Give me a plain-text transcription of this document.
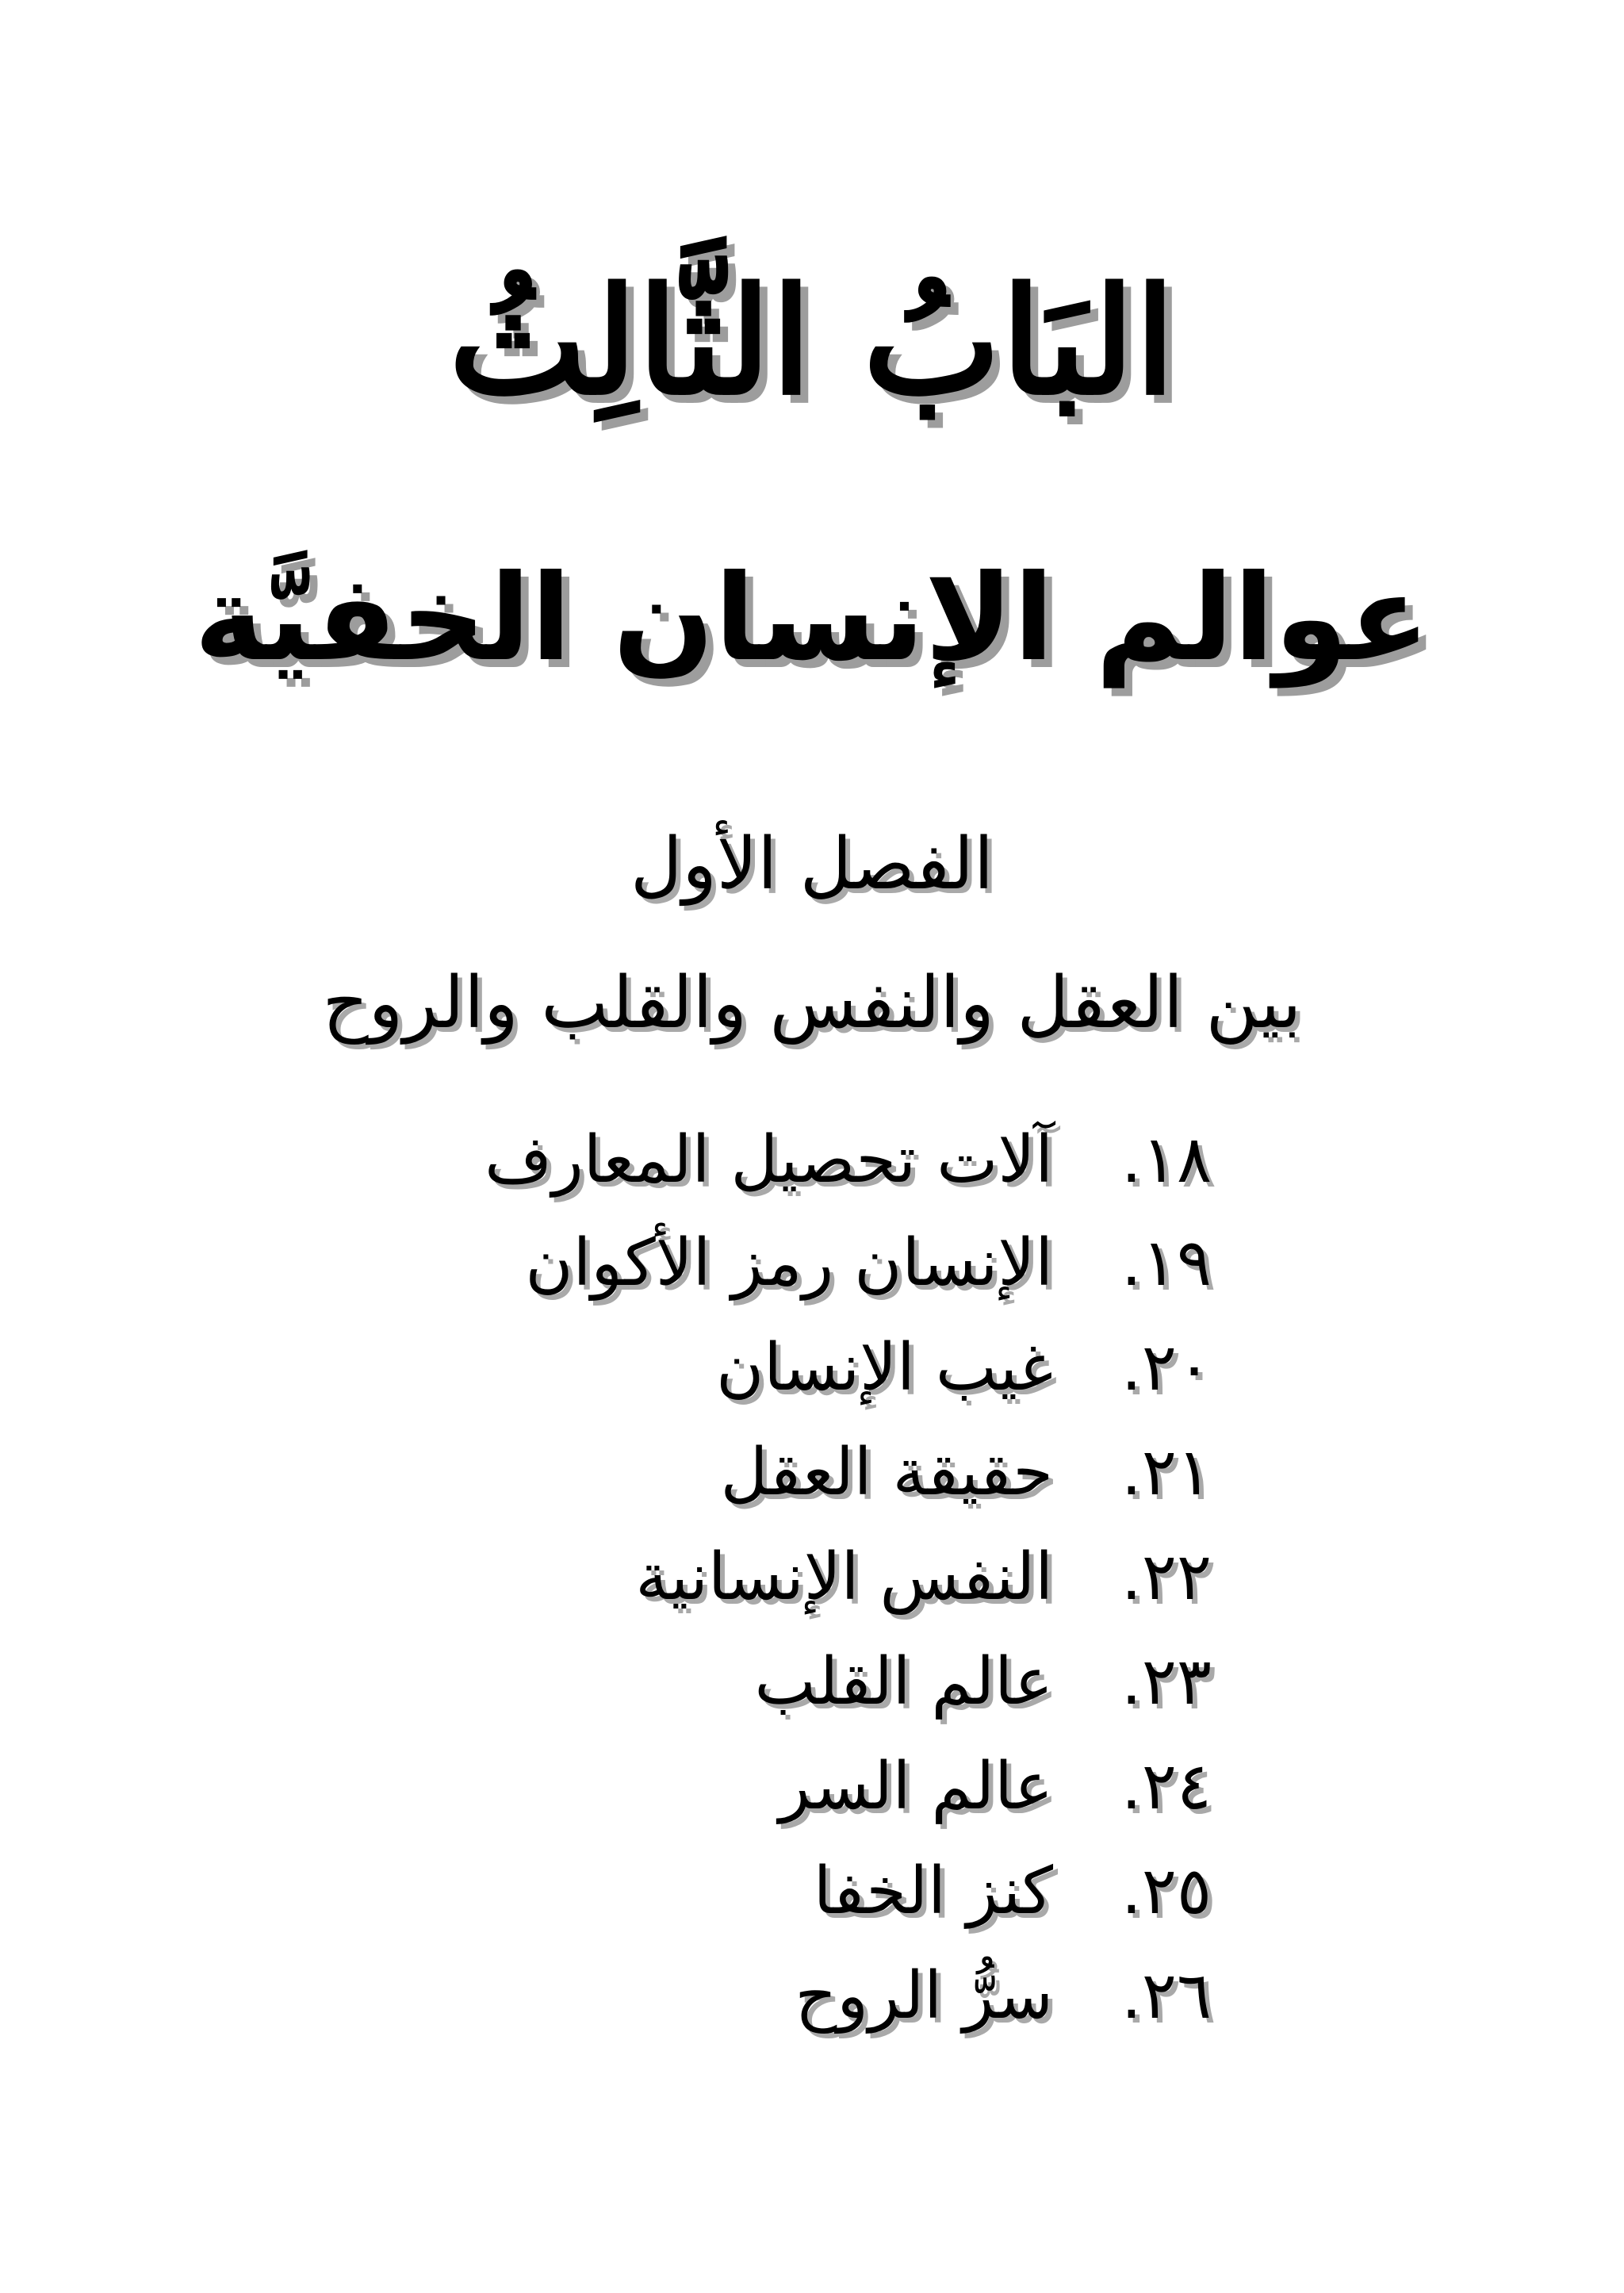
البَابُ الثَّالِثُ
عوالم الإنسان الخفيَّة
الفصل الأول
بين العقل والنفس والقلب والروح
١٨.
آلات تحصيل المعارف
١٩.
الإنسان رمز الأكوان
٢٠.
غيب الإنسان
٢١.
حقيقة العقل
٢٢.
النفس الإنسانية
٢٣.
عالم القلب
٢٤.
عالم السر
٢٥.
كنز الخفا
٢٦.
سرُّ الروح
